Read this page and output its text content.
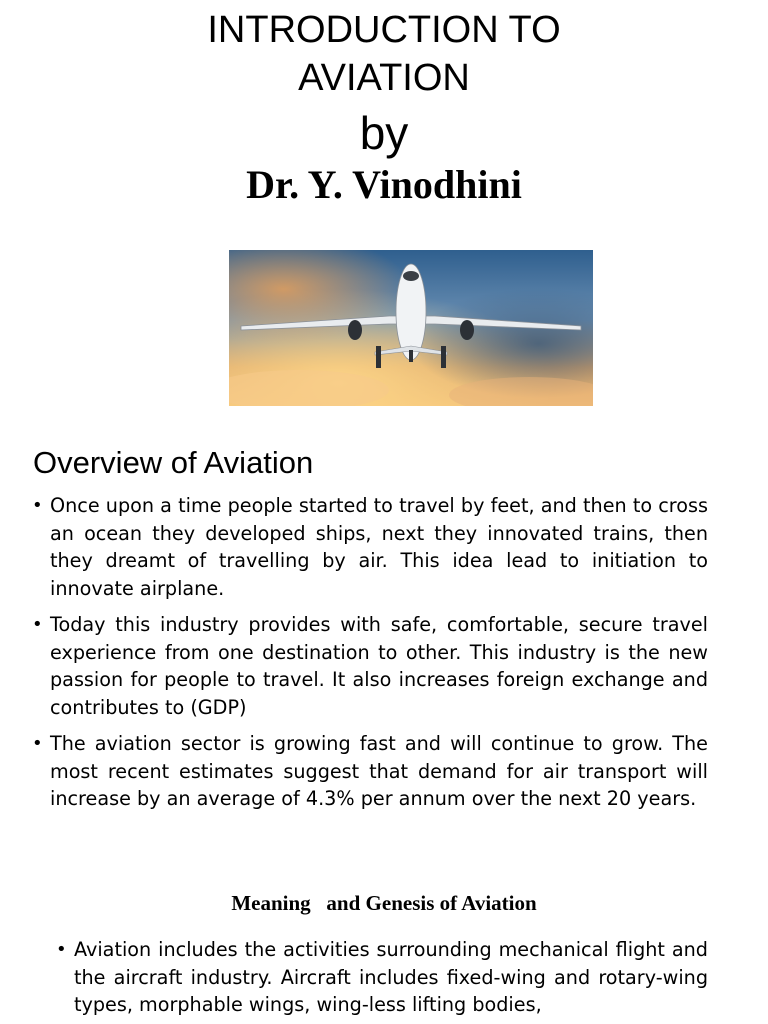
INTRODUCTION TO

AVIATION

by

Dr. Y. Vinodhini

Overview of Aviation
• Once upon a time people started to travel by feet, and then to cross an ocean they developed ships, next they innovated trains, then they dreamt of travelling by air. This idea lead to initiation to innovate airplane.
• Today this industry provides with safe, comfortable, secure travel experience from one destination to other. This industry is the new passion for people to travel. It also increases foreign exchange and contributes to (GDP)
• The aviation sector is growing fast and will continue to grow. The most recent estimates suggest that demand for air transport will increase by an average of 4.3% per annum over the next 20 years.

Meaning   and Genesis of Aviation

• Aviation includes the activities surrounding mechanical flight and the aircraft industry. Aircraft includes fixed-wing and rotary-wing types, morphable wings, wing-less lifting bodies,
